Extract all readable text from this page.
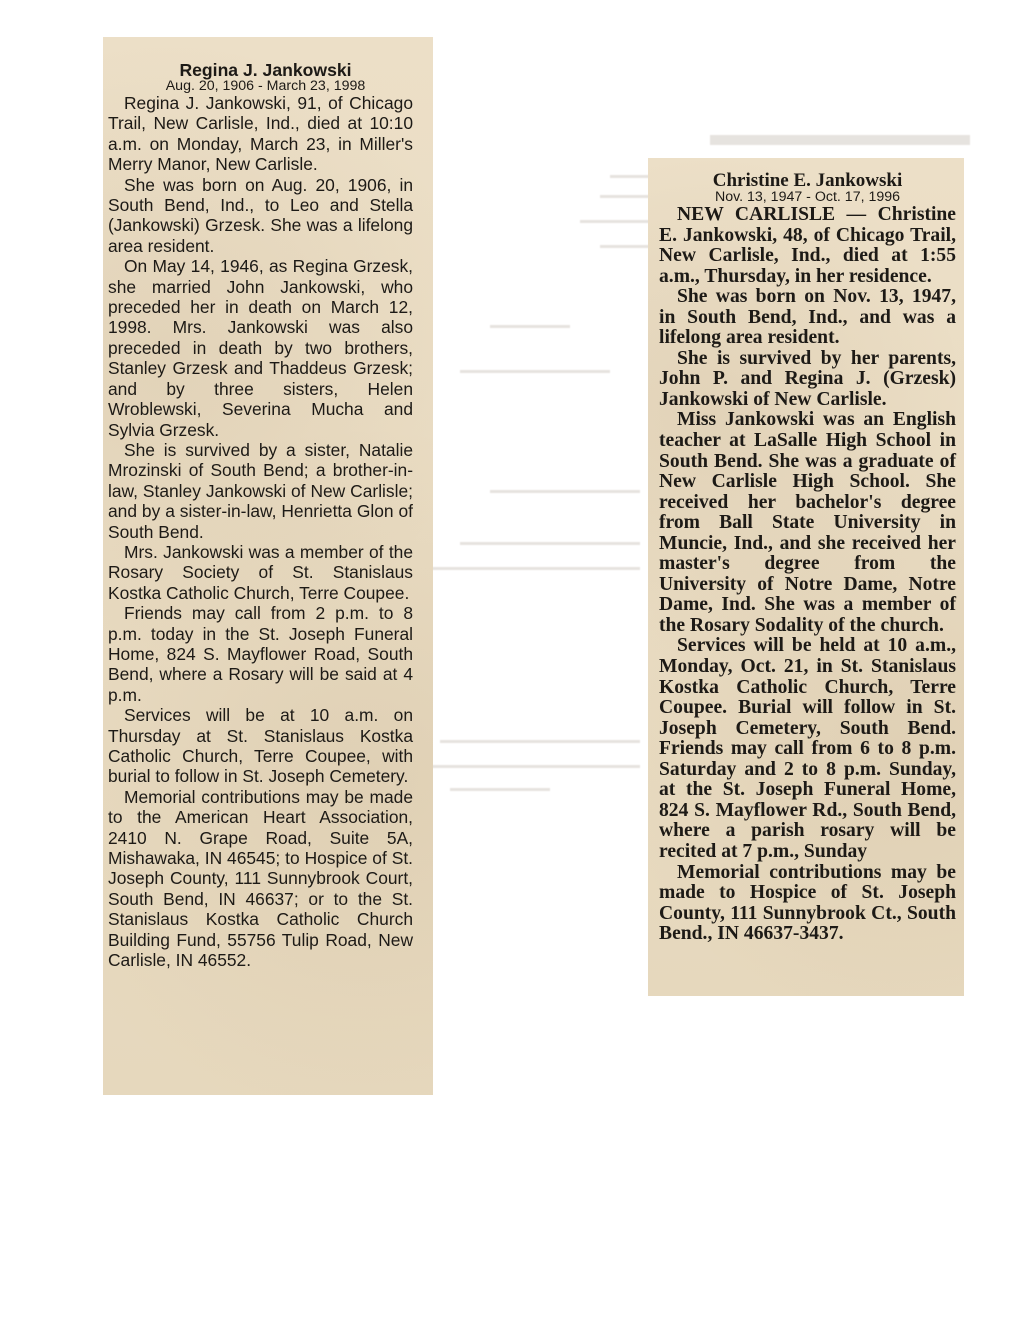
Regina J. Jankowski

Aug. 20, 1906 - March 23, 1998

Regina J. Jankowski, 91, of Chicago Trail, New Carlisle, Ind., died at 10:10 a.m. on Monday, March 23, in Miller's Merry Manor, New Carlisle.

She was born on Aug. 20, 1906, in South Bend, Ind., to Leo and Stella (Jankowski) Grzesk. She was a lifelong area resident.

On May 14, 1946, as Regina Grzesk, she married John Jankowski, who preceded her in death on March 12, 1998. Mrs. Jankowski was also preceded in death by two brothers, Stanley Grzesk and Thaddeus Grzesk; and by three sisters, Helen Wroblewski, Severina Mucha and Sylvia Grzesk.

She is survived by a sister, Natalie Mrozinski of South Bend; a brother-in-law, Stanley Jankowski of New Carlisle; and by a sister-in-law, Henrietta Glon of South Bend.

Mrs. Jankowski was a member of the Rosary Society of St. Stanislaus Kostka Catholic Church, Terre Coupee.

Friends may call from 2 p.m. to 8 p.m. today in the St. Joseph Funeral Home, 824 S. Mayflower Road, South Bend, where a Rosary will be said at 4 p.m.

Services will be at 10 a.m. on Thursday at St. Stanislaus Kostka Catholic Church, Terre Coupee, with burial to follow in St. Joseph Cemetery.

Memorial contributions may be made to the American Heart Association, 2410 N. Grape Road, Suite 5A, Mishawaka, IN 46545; to Hospice of St. Joseph County, 111 Sunnybrook Court, South Bend, IN 46637; or to the St. Stanislaus Kostka Catholic Church Building Fund, 55756 Tulip Road, New Carlisle, IN 46552.

Christine E. Jankowski

Nov. 13, 1947 - Oct. 17, 1996

NEW CARLISLE — Christine E. Jankowski, 48, of Chicago Trail, New Carlisle, Ind., died at 1:55 a.m., Thursday, in her residence.

She was born on Nov. 13, 1947, in South Bend, Ind., and was a lifelong area resident.

She is survived by her parents, John P. and Regina J. (Grzesk) Jankowski of New Carlisle.

Miss Jankowski was an English teacher at LaSalle High School in South Bend. She was a graduate of New Carlisle High School. She received her bachelor's degree from Ball State University in Muncie, Ind., and she received her master's degree from the University of Notre Dame, Notre Dame, Ind. She was a member of the Rosary Sodality of the church.

Services will be held at 10 a.m., Monday, Oct. 21, in St. Stanislaus Kostka Catholic Church, Terre Coupee. Burial will follow in St. Joseph Cemetery, South Bend. Friends may call from 6 to 8 p.m. Saturday and 2 to 8 p.m. Sunday, at the St. Joseph Funeral Home, 824 S. Mayflower Rd., South Bend, where a parish rosary will be recited at 7 p.m., Sunday

Memorial contributions may be made to Hospice of St. Joseph County, 111 Sunnybrook Ct., South Bend., IN 46637-3437.
